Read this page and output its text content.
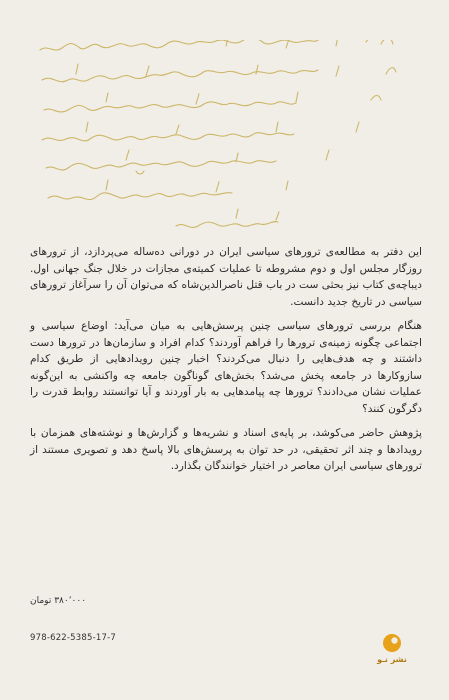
این دفتر به مطالعه‌ی ترورهای سیاسی ایران در دورانی ده‌ساله می‌پردازد، از ترورهای روزگار مجلس اول و دوم مشروطه تا عملیات کمیته‌ی مجازات در خلال جنگ جهانی اول. دیباچه‌ی کتاب نیز بحثی ست در باب قتل ناصرالدین‌شاه که می‌توان آن را سرآغاز ترورهای سیاسی در تاریخ جدید دانست.

هنگام بررسی ترورهای سیاسی چنین پرسش‌هایی به میان می‌آید: اوضاع سیاسی و اجتماعی چگونه زمینه‌ی ترورها را فراهم آوردند؟ کدام افراد و سازمان‌ها در ترورها دست داشتند و چه هدف‌هایی را دنبال می‌کردند؟ اخبار چنین رویدادهایی از طریق کدام سازوکارها در جامعه پخش می‌شد؟ بخش‌های گوناگون جامعه چه واکنشی به این‌گونه عملیات نشان می‌دادند؟ ترورها چه پیامدهایی به بار آوردند و آیا توانستند روابط قدرت را دگرگون کنند؟

پژوهش حاضر می‌کوشد، بر پایه‌ی اسناد و نشریه‌ها و گزارش‌ها و نوشته‌های همزمان با رویدادها و چند اثر تحقیقی، در حد توان به پرسش‌های بالا پاسخ دهد و تصویری مستند از ترورهای سیاسی ایران معاصر در اختیار خوانندگان بگذارد.

۳۸۰٬۰۰۰ تومان
978-622-5385-17-7
نشر نـو
